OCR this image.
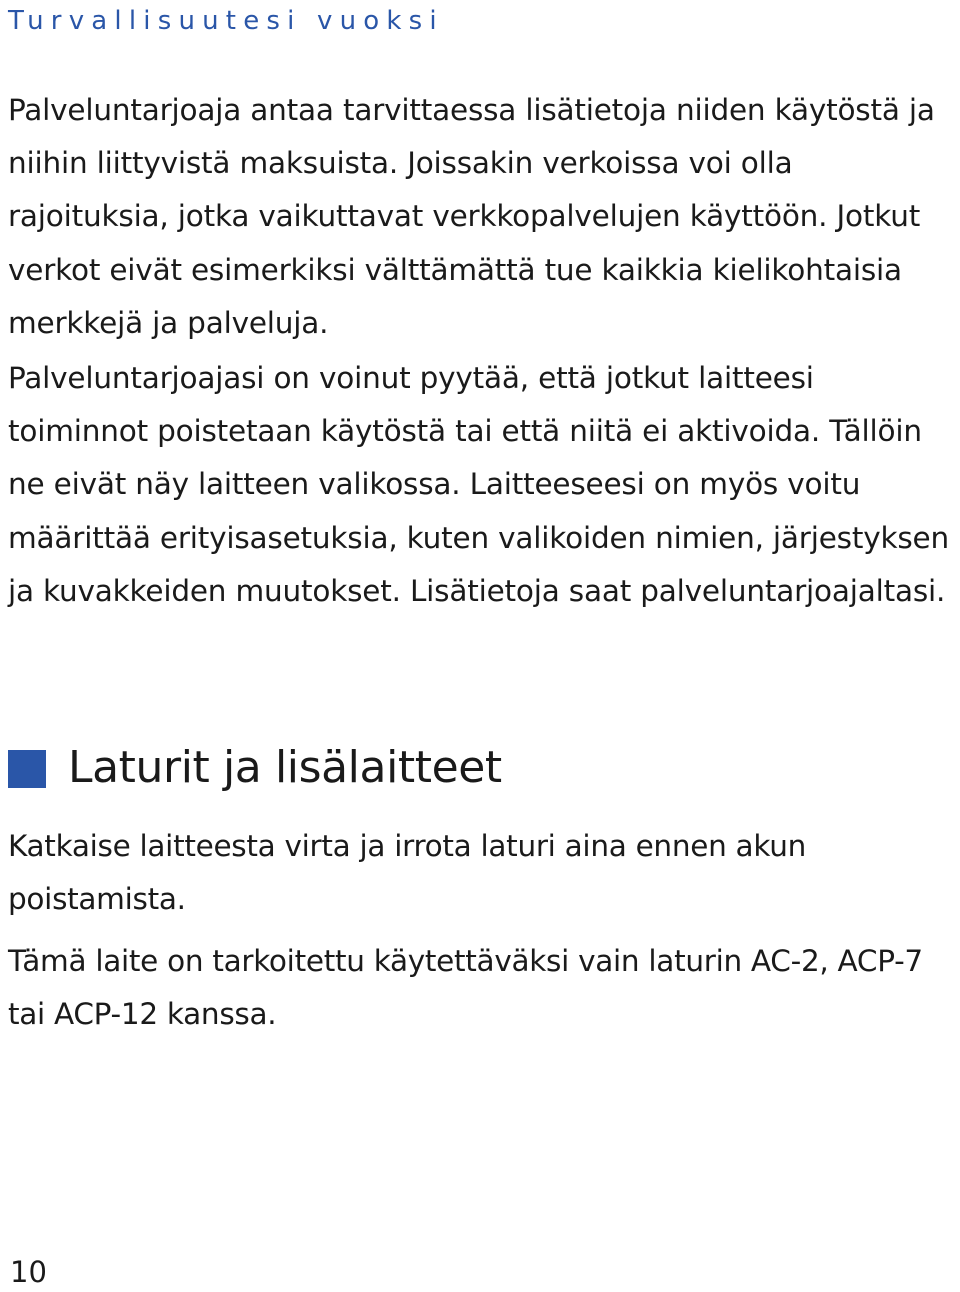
Turvallisuutesi vuoksi

Palveluntarjoaja antaa tarvittaessa lisätietoja niiden käytöstä ja niihin liittyvistä maksuista. Joissakin verkoissa voi olla rajoituksia, jotka vaikuttavat verkkopalvelujen käyttöön. Jotkut verkot eivät esimerkiksi välttämättä tue kaikkia kielikohtaisia merkkejä ja palveluja.

Palveluntarjoajasi on voinut pyytää, että jotkut laitteesi toiminnot poistetaan käytöstä tai että niitä ei aktivoida. Tällöin ne eivät näy laitteen valikossa. Laitteeseesi on myös voitu määrittää erityisasetuksia, kuten valikoiden nimien, järjestyksen ja kuvakkeiden muutokset. Lisätietoja saat palveluntarjoajaltasi.

Laturit ja lisälaitteet

Katkaise laitteesta virta ja irrota laturi aina ennen akun poistamista.

Tämä laite on tarkoitettu käytettäväksi vain laturin AC-2, ACP-7 tai ACP-12 kanssa.

10
